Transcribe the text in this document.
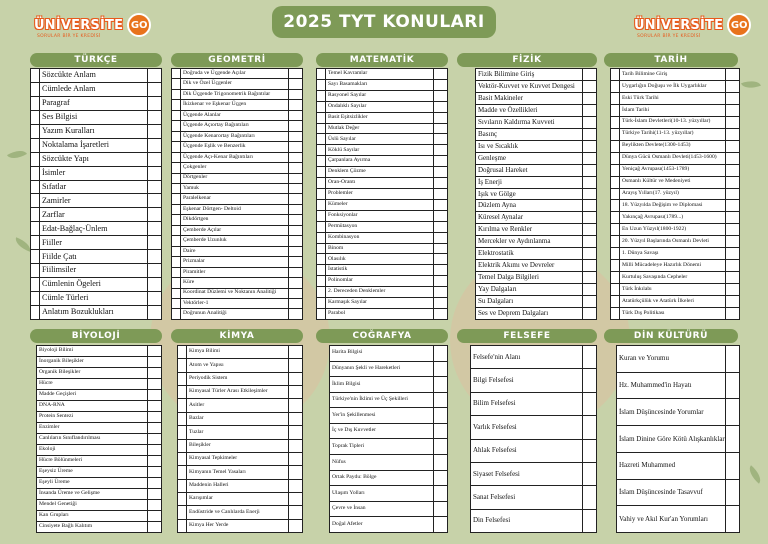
ÜNİVERSİTE GO
SORULAR BİR YE KREDİSİ
ÜNİVERSİTE GO
SORULAR BİR YE KREDİSİ
2025 TYT KONULARI
TÜRKÇE
Sözcükte Anlam
Cümlede Anlam
Paragraf
Ses Bilgisi
Yazım Kuralları
Noktalama İşaretleri
Sözcükte Yapı
İsimler
Sıfatlar
Zamirler
Zarflar
Edat-Bağlaç-Ünlem
Fiiller
Fiilde Çatı
Fiilimsiler
Cümlenin Ögeleri
Cümle Türleri
Anlatım Bozuklukları
GEOMETRİ
Doğruda ve Üçgende Açılar
Dik ve Özel Üçgenler
Dik Üçgende Trigonometrik Bağıntılar
İkizkenar ve Eşkenar Üçgen
Üçgende Alanlar
Üçgende Açıortay Bağıntıları
Üçgende Kenarortay Bağıntıları
Üçgende Eşlik ve Benzerlik
Üçgende Açı-Kenar Bağıntıları
Çokgenler
Dörtgenler
Yamuk
Paralelkenar
Eşkenar Dörtgen- Deltoid
Dikdörtgen
Çemberde Açılar
Çemberde Uzunluk
Daire
Prizmalar
Piramitler
Küre
Koordinat Düzlemi ve Noktanın Analitiği
Vektörler-1
Doğrunun Analitiği
MATEMATİK
Temel Kavramlar
Sayı Basamakları
Rasyonel Sayılar
Ondalıklı Sayılar
Basit Eşitsizlikler
Mutlak Değer
Üslü Sayılar
Köklü Sayılar
Çarpanlara Ayırma
Denklem Çözme
Oran-Orantı
Problemler
Kümeler
Fonksiyonlar
Permütasyon
Kombinasyon
Binom
Olasılık
İstatistik
Polinomlar
2. Dereceden Denklemler
Karmaşık Sayılar
Parabol
FİZİK
Fizik Bilimine Giriş
Vektör-Kuvvet ve Kuvvet Dengesi
Basit Makineler
Madde ve Özellikleri
Sıvıların Kaldırma Kuvveti
Basınç
Isı ve Sıcaklık
Genleşme
Doğrusal Hareket
İş Enerji
Işık ve Gölge
Düzlem Ayna
Küresel Aynalar
Kırılma ve Renkler
Mercekler ve Aydınlanma
Elektrostatik
Elektrik Akımı ve Devreler
Temel Dalga Bilgileri
Yay Dalgaları
Su Dalgaları
Ses ve Deprem Dalgaları
TARİH
Tarih Bilimine Giriş
Uygarlığın Doğuşu ve İlk Uygarlıklar
Eski Türk Tarihi
İslam Tarihi
Türk-İslam Devletleri(10-13. yüzyıllar)
Türkiye Tarihi(11-13. yüzyıllar)
Beylikten Devlete(1300-1453)
Dünya Gücü Osmanlı Devleti(1453-1600)
Yeniçağ Avrupası(1453-1789)
Osmanlı Kültür ve Medeniyeti
Arayış Yılları(17. yüzyıl)
18. Yüzyılda Değişim ve Diplomasi
Yakınçağ Avrupası(1789...)
En Uzun Yüzyıl(1800-1922)
20. Yüzyıl Başlarında Osmanlı Devleti
1. Dünya Savaşı
Milli Mücadeleye Hazırlık Dönemi
Kurtuluş Savaşında Cepheler
Türk İnkılabı
Atatürkçülük ve Atatürk İlkeleri
Türk Dış Politikası
BİYOLOJİ
Biyoloji Bilimi
İnorganik Bileşikler
Organik Bileşikler
Hücre
Madde Geçişleri
DNA-RNA
Protein Sentezi
Enzimler
Canlıların Sınıflandırılması
Ekoloji
Hücre Bölünmeleri
Eşeysiz Üreme
Eşeyli Üreme
İnsanda Üreme ve Gelişme
Mendel Genetiği
Kan Grupları
Cinsiyete Bağlı Kalıtım
KİMYA
Kimya Bilimi
Atom ve Yapısı
Periyodik Sistem
Kimyasal Türler Arası Etkileşimler
Asitler
Bazlar
Tuzlar
Bileşikler
Kimyasal Tepkimeler
Kimyanın Temel Yasaları
Maddenin Halleri
Karışımlar
Endüstride ve Canlılarda Enerji
Kimya Her Yerde
COĞRAFYA
Harita Bilgisi
Dünyanın Şekli ve Hareketleri
İklim Bilgisi
Türkiye'nin İklimi ve Üç Şekilleri
Yer'in Şekillenmesi
İç ve Dış Kuvvetler
Toprak Tipleri
Nüfus
Ortak Paydu: Bölge
Ulaşım Yolları
Çevre ve İnsan
Doğal Afetler
FELSEFE
Felsefe'nin Alanı
Bilgi Felsefesi
Bilim Felsefesi
Varlık Felsefesi
Ahlak Felsefesi
Siyaset Felsefesi
Sanat Felsefesi
Din Felsefesi
DİN KÜLTÜRÜ
Kuran ve Yorumu
Hz. Muhammed'in Hayatı
İslam Düşüncesinde Yorumlar
İslam Dinine Göre Kötü Alışkanlıklar
Hazreti Muhammed
İslam Düşüncesinde Tasavvuf
Vahiy ve Akıl Kur'an Yorumları
